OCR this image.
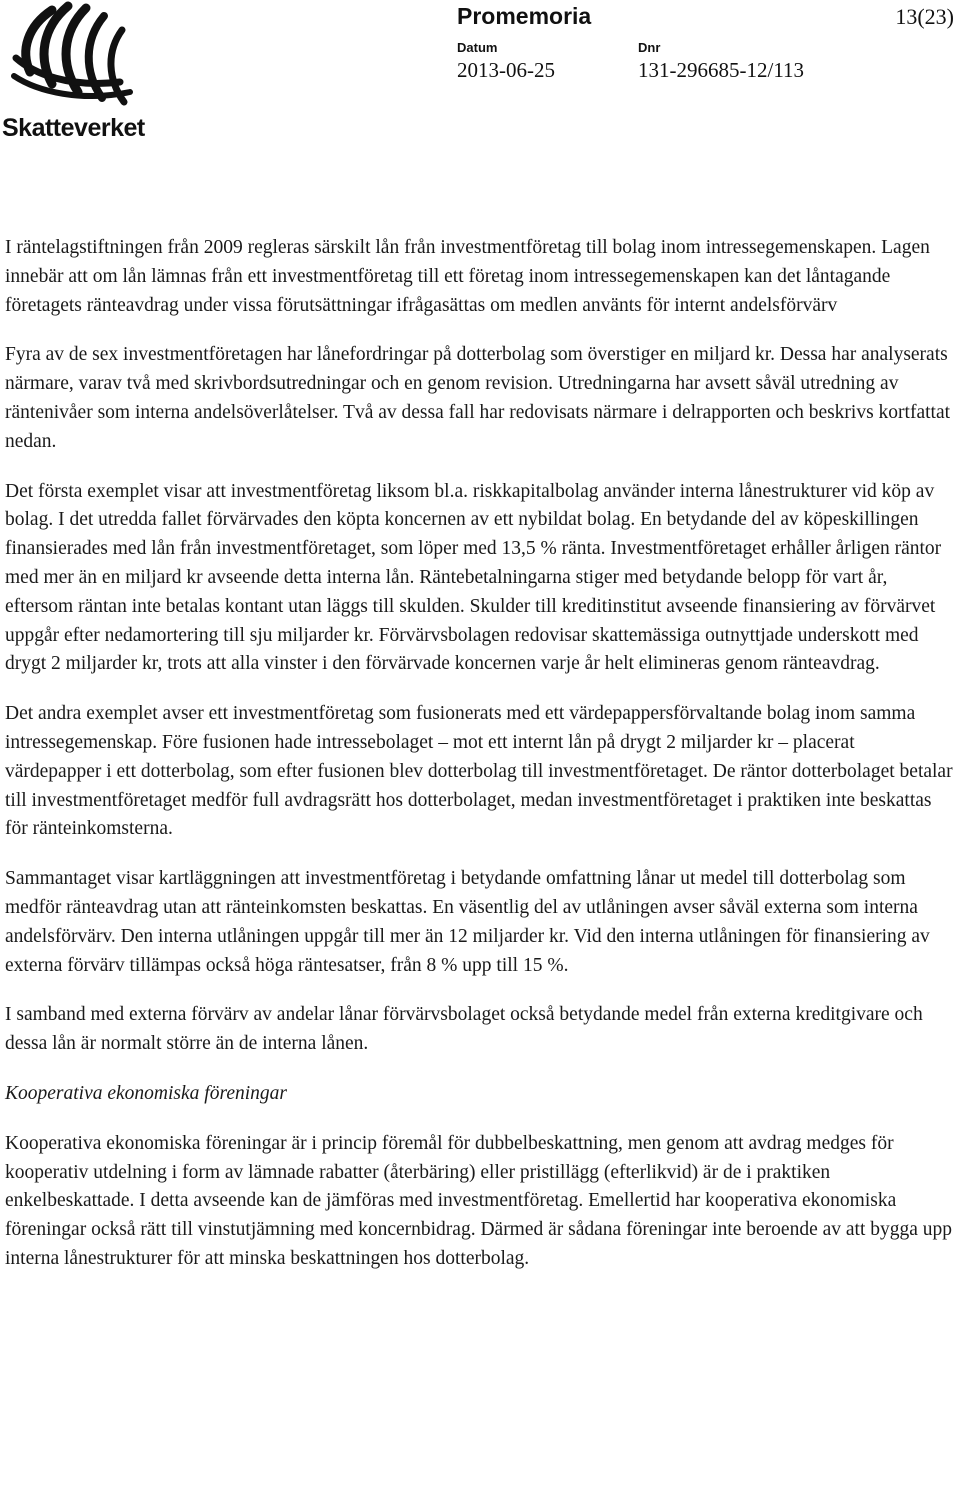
Skatteverket
Promemoria	13(23)
Datum
2013-06-25
Dnr
131-296685-12/113

I räntelagstiftningen från 2009 regleras särskilt lån från investmentföretag till bolag inom intressegemenskapen. Lagen innebär att om lån lämnas från ett investmentföretag till ett företag inom intressegemenskapen kan det låntagande företagets ränteavdrag under vissa förutsättningar ifrågasättas om medlen använts för internt andelsförvärv

Fyra av de sex investmentföretagen har lånefordringar på dotterbolag som överstiger en miljard kr. Dessa har analyserats närmare, varav två med skrivbordsutredningar och en genom revision. Utredningarna har avsett såväl utredning av räntenivåer som interna andelsöverlåtelser. Två av dessa fall har redovisats närmare i delrapporten och beskrivs kortfattat nedan.

Det första exemplet visar att investmentföretag liksom bl.a. riskkapitalbolag använder interna lånestrukturer vid köp av bolag. I det utredda fallet förvärvades den köpta koncernen av ett nybildat bolag. En betydande del av köpeskillingen finansierades med lån från investmentföretaget, som löper med 13,5 % ränta. Investmentföretaget erhåller årligen räntor med mer än en miljard kr avseende detta interna lån. Räntebetalningarna stiger med betydande belopp för vart år, eftersom räntan inte betalas kontant utan läggs till skulden. Skulder till kreditinstitut avseende finansiering av förvärvet uppgår efter nedamortering till sju miljarder kr. Förvärvsbolagen redovisar skattemässiga outnyttjade underskott med drygt 2 miljarder kr, trots att alla vinster i den förvärvade koncernen varje år helt elimineras genom ränteavdrag.

Det andra exemplet avser ett investmentföretag som fusionerats med ett värdepappersförvaltande bolag inom samma intressegemenskap. Före fusionen hade intressebolaget – mot ett internt lån på drygt 2 miljarder kr – placerat värdepapper i ett dotterbolag, som efter fusionen blev dotterbolag till investmentföretaget. De räntor dotterbolaget betalar till investmentföretaget medför full avdragsrätt hos dotterbolaget, medan investmentföretaget i praktiken inte beskattas för ränteinkomsterna.

Sammantaget visar kartläggningen att investmentföretag i betydande omfattning lånar ut medel till dotterbolag som medför ränteavdrag utan att ränteinkomsten beskattas. En väsentlig del av utlåningen avser såväl externa som interna andelsförvärv. Den interna utlåningen uppgår till mer än 12 miljarder kr. Vid den interna utlåningen för finansiering av externa förvärv tillämpas också höga räntesatser, från 8 % upp till 15 %.

I samband med externa förvärv av andelar lånar förvärvsbolaget också betydande medel från externa kreditgivare och dessa lån är normalt större än de interna lånen.

Kooperativa ekonomiska föreningar

Kooperativa ekonomiska föreningar är i princip föremål för dubbelbeskattning, men genom att avdrag medges för kooperativ utdelning i form av lämnade rabatter (återbäring) eller pristillägg (efterlikvid) är de i praktiken enkelbeskattade. I detta avseende kan de jämföras med investmentföretag. Emellertid har kooperativa ekonomiska föreningar också rätt till vinstutjämning med koncernbidrag. Därmed är sådana föreningar inte beroende av att bygga upp interna lånestrukturer för att minska beskattningen hos dotterbolag.
